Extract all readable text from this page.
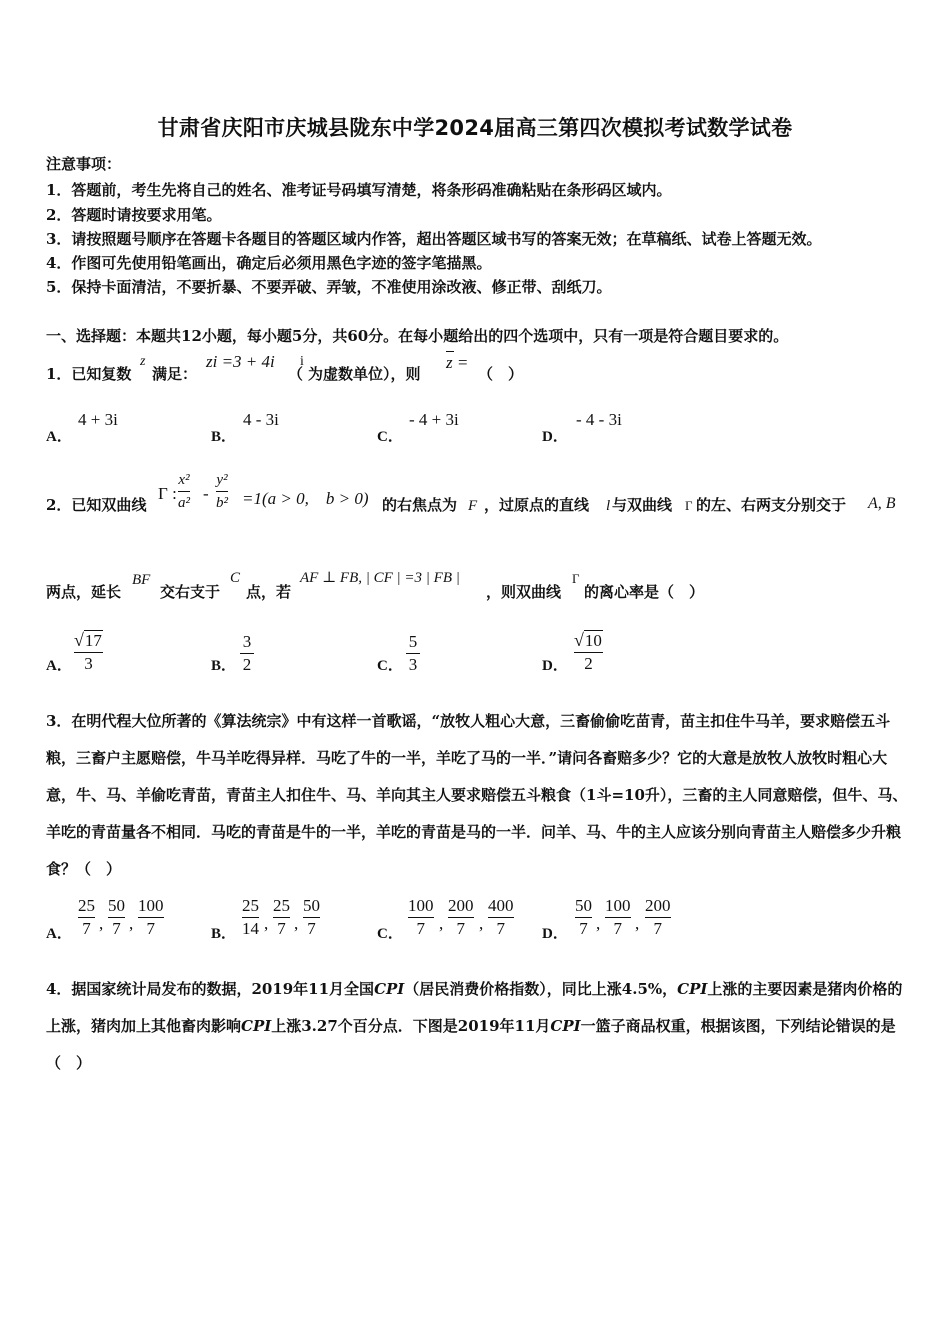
甘肃省庆阳市庆城县陇东中学2024届高三第四次模拟考试数学试卷
注意事项：
1．答题前，考生先将自己的姓名、准考证号码填写清楚，将条形码准确粘贴在条形码区域内。
2．答题时请按要求用笔。
3．请按照题号顺序在答题卡各题目的答题区域内作答，超出答题区域书写的答案无效；在草稿纸、试卷上答题无效。
4．作图可先使用铅笔画出，确定后必须用黑色字迹的签字笔描黑。
5．保持卡面清洁，不要折暴、不要弄破、弄皱，不准使用涂改液、修正带、刮纸刀。
一、选择题：本题共12小题，每小题5分，共60分。在每小题给出的四个选项中，只有一项是符合题目要求的。
1．已知复数
z
满足：
zi =3 + 4i
（
i
为虚数单位），则
z =
（　）
A．
4 + 3i
B．
4 - 3i
C．
- 4 + 3i
D．
- 4 - 3i
2．已知双曲线
Γ :
x²
a² -
y²
b² =1(a > 0,　b > 0) 的右焦点为 F ，过原点的直线 l 与双曲线 Γ 的左、右两支分别交于 A, B
两点，延长
BF
交右支于
C
点，若
AF ⊥ FB, | CF | =3 | FB |
，则双曲线
Γ
的离心率是（　）
A．
√17
3	B．
3
2	C．
5
3	D．
√10
2
3．在明代程大位所著的《算法统宗》中有这样一首歌谣，“放牧人粗心大意，三畜偷偷吃苗青，苗主扣住牛马羊，要求赔偿五斗粮，三畜户主愿赔偿，牛马羊吃得异样．马吃了牛的一半，羊吃了马的一半．”请问各畜赔多少？它的大意是放牧人放牧时粗心大意，牛、马、羊偷吃青苗，青苗主人扣住牛、马、羊向其主人要求赔偿五斗粮食（1斗=10升），三畜的主人同意赔偿，但牛、马、羊吃的青苗量各不相同．马吃的青苗是牛的一半，羊吃的青苗是马的一半．问羊、马、牛的主人应该分别向青苗主人赔偿多少升粮食？（　）
A．
25
7 ,
50
7 ,
100
7	B．
25
14 ,
25
7 ,
50
7	C．
100
7 ,
200
7 ,
400
7	D．
50
7 ,
100
7 ,
200
7
4．据国家统计局发布的数据，2019年11月全国CPI（居民消费价格指数），同比上涨4.5%，CPI上涨的主要因素是猪肉价格的上涨，猪肉加上其他畜肉影响CPI上涨3.27个百分点．下图是2019年11月CPI一篮子商品权重，根据该图，下列结论错误的是（　）
